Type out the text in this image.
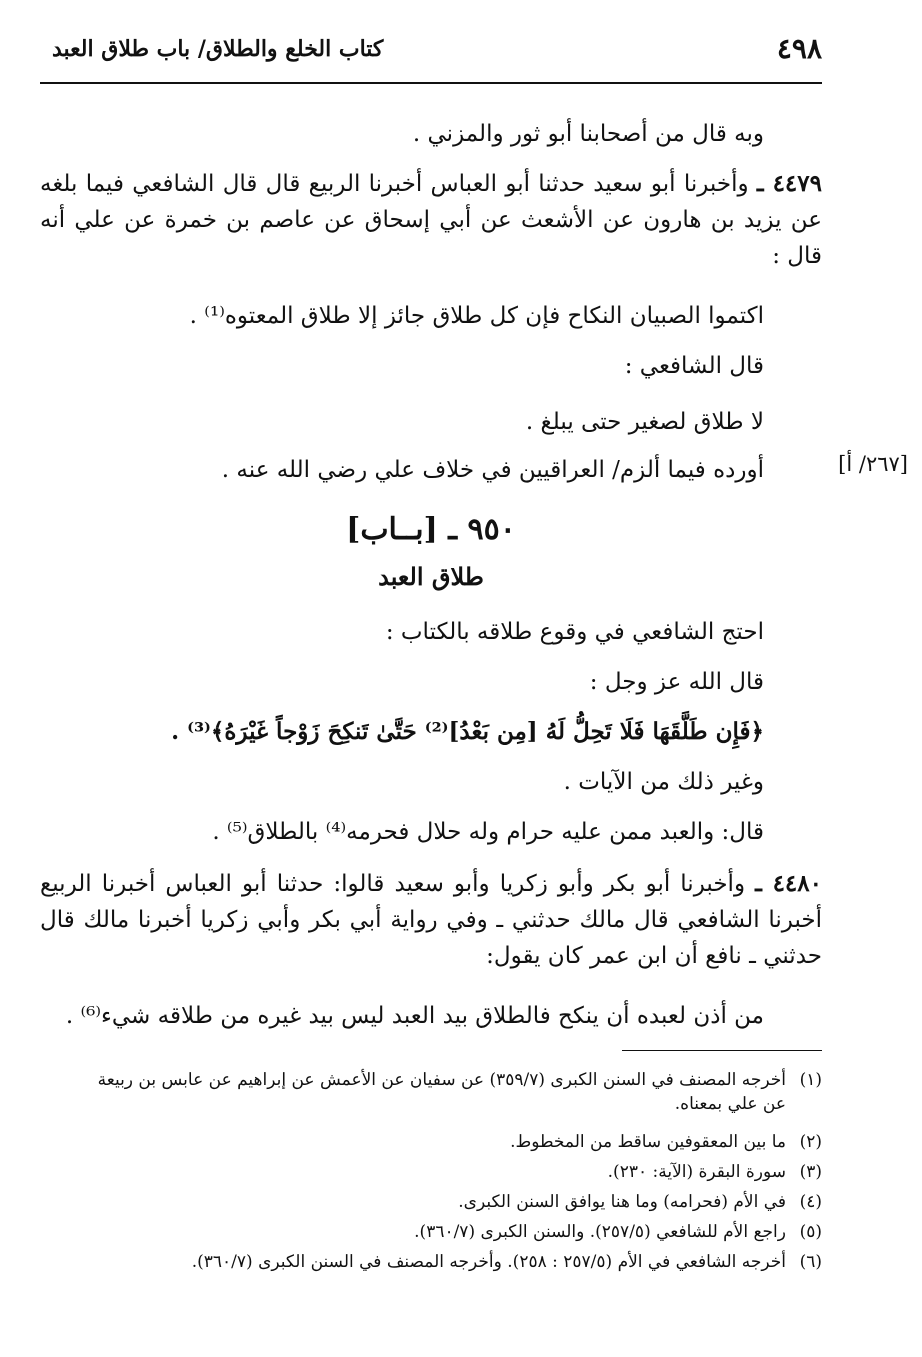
٤٩٨
كتاب الخلع والطلاق/ باب طلاق العبد
وبه قال من أصحابنا أبو ثور والمزني .
٤٤٧٩ ـ وأخبرنا أبو سعيد حدثنا أبو العباس أخبرنا الربيع قال قال الشافعي فيما بلغه عن يزيد بن هارون عن الأشعث عن أبي إسحاق عن عاصم بن خمرة عن علي أنه قال :
اكتموا الصبيان النكاح فإن كل طلاق جائز إلا طلاق المعتوه⁽¹⁾ .
قال الشافعي :
لا طلاق لصغير حتى يبلغ .
أورده فيما ألزم/ العراقيين في خلاف علي رضي الله عنه .	[٢٦٧/ أ]
٩٥٠ ـ [بــاب]
طلاق العبد
احتج الشافعي في وقوع طلاقه بالكتاب :
قال الله عز وجل :
﴿فَإِن طَلَّقَهَا فَلَا تَحِلُّ لَهُ [مِن بَعْدُ]⁽²⁾ حَتَّىٰ تَنكِحَ زَوْجاً غَيْرَهُ﴾⁽³⁾ .
وغير ذلك من الآيات .
قال: والعبد ممن عليه حرام وله حلال فحرمه⁽⁴⁾ بالطلاق⁽⁵⁾ .
٤٤٨٠ ـ وأخبرنا أبو بكر وأبو زكريا وأبو سعيد قالوا: حدثنا أبو العباس أخبرنا الربيع أخبرنا الشافعي قال مالك حدثني ـ وفي رواية أبي بكر وأبي زكريا أخبرنا مالك قال حدثني ـ نافع أن ابن عمر كان يقول:
من أذن لعبده أن ينكح فالطلاق بيد العبد ليس بيد غيره من طلاقه شيء⁽⁶⁾ .
(١)أخرجه المصنف في السنن الكبرى (٣٥٩/٧) عن سفيان عن الأعمش عن إبراهيم عن عابس بن ربيعة
عن علي بمعناه.
(٢)ما بين المعقوفين ساقط من المخطوط.
(٣)سورة البقرة (الآية: ٢٣٠).
(٤)في الأم (فحرامه) وما هنا يوافق السنن الكبرى.
(٥)راجع الأم للشافعي (٢٥٧/٥). والسنن الكبرى (٣٦٠/٧).
(٦)أخرجه الشافعي في الأم (٢٥٧/٥ : ٢٥٨). وأخرجه المصنف في السنن الكبرى (٣٦٠/٧).
